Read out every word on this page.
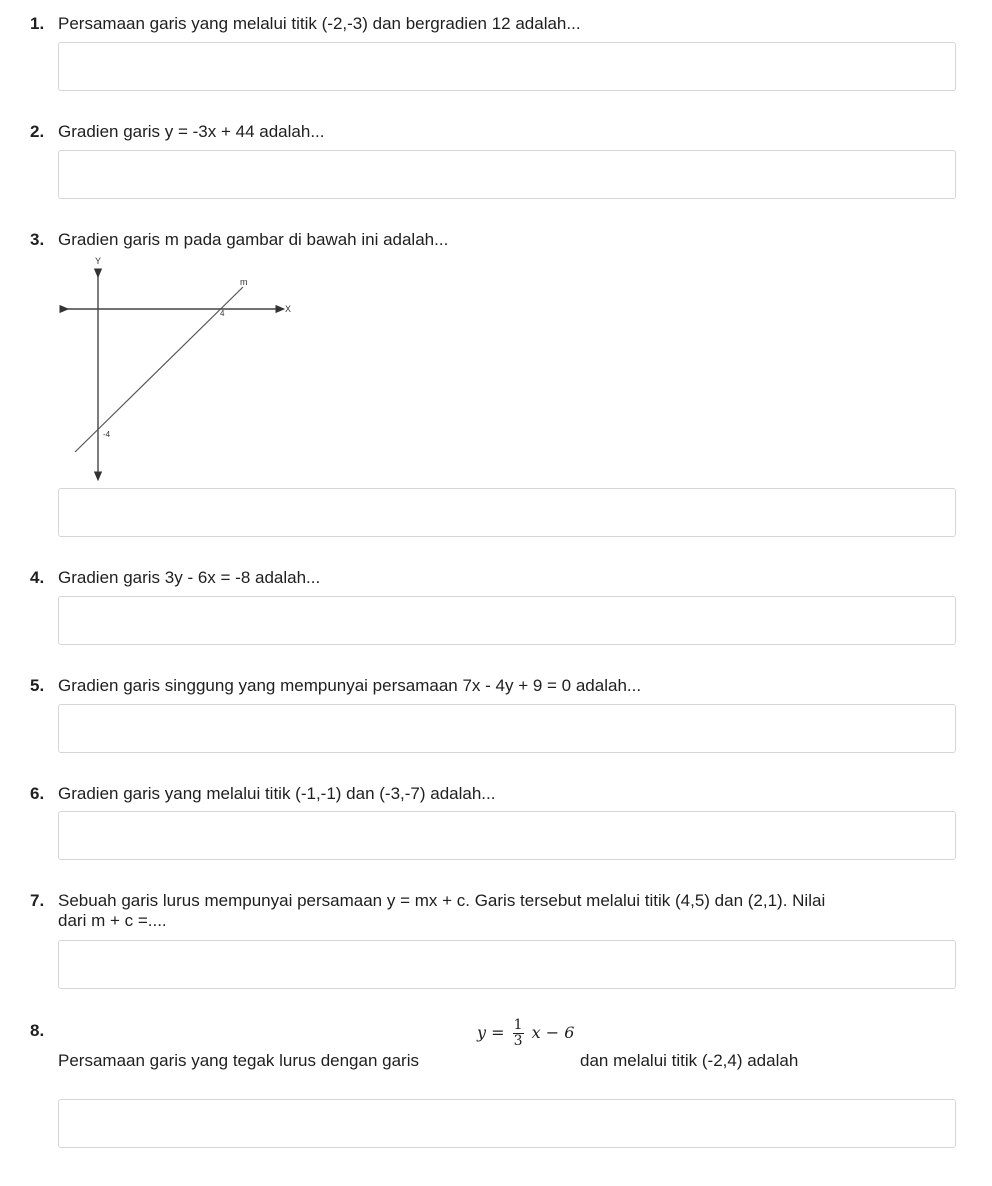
1. Persamaan garis yang melalui titik (-2,-3) dan bergradien 12 adalah...
2. Gradien garis y = -3x + 44 adalah...
3. Gradien garis m pada gambar di bawah ini adalah...
Y
X
m
4
-4
4. Gradien garis 3y - 6x = -8 adalah...
5. Gradien garis singgung yang mempunyai persamaan 7x - 4y + 9 = 0 adalah...
6. Gradien garis yang melalui titik (-1,-1) dan (-3,-7) adalah...
7. Sebuah garis lurus mempunyai persamaan y = mx + c. Garis tersebut melalui titik (4,5) dan (2,1). Nilai
dari m + c =....
8.
Persamaan garis yang tegak lurus dengan garis
$y = \frac{1}{3}$ x − 6
dan melalui titik (-2,4) adalah
